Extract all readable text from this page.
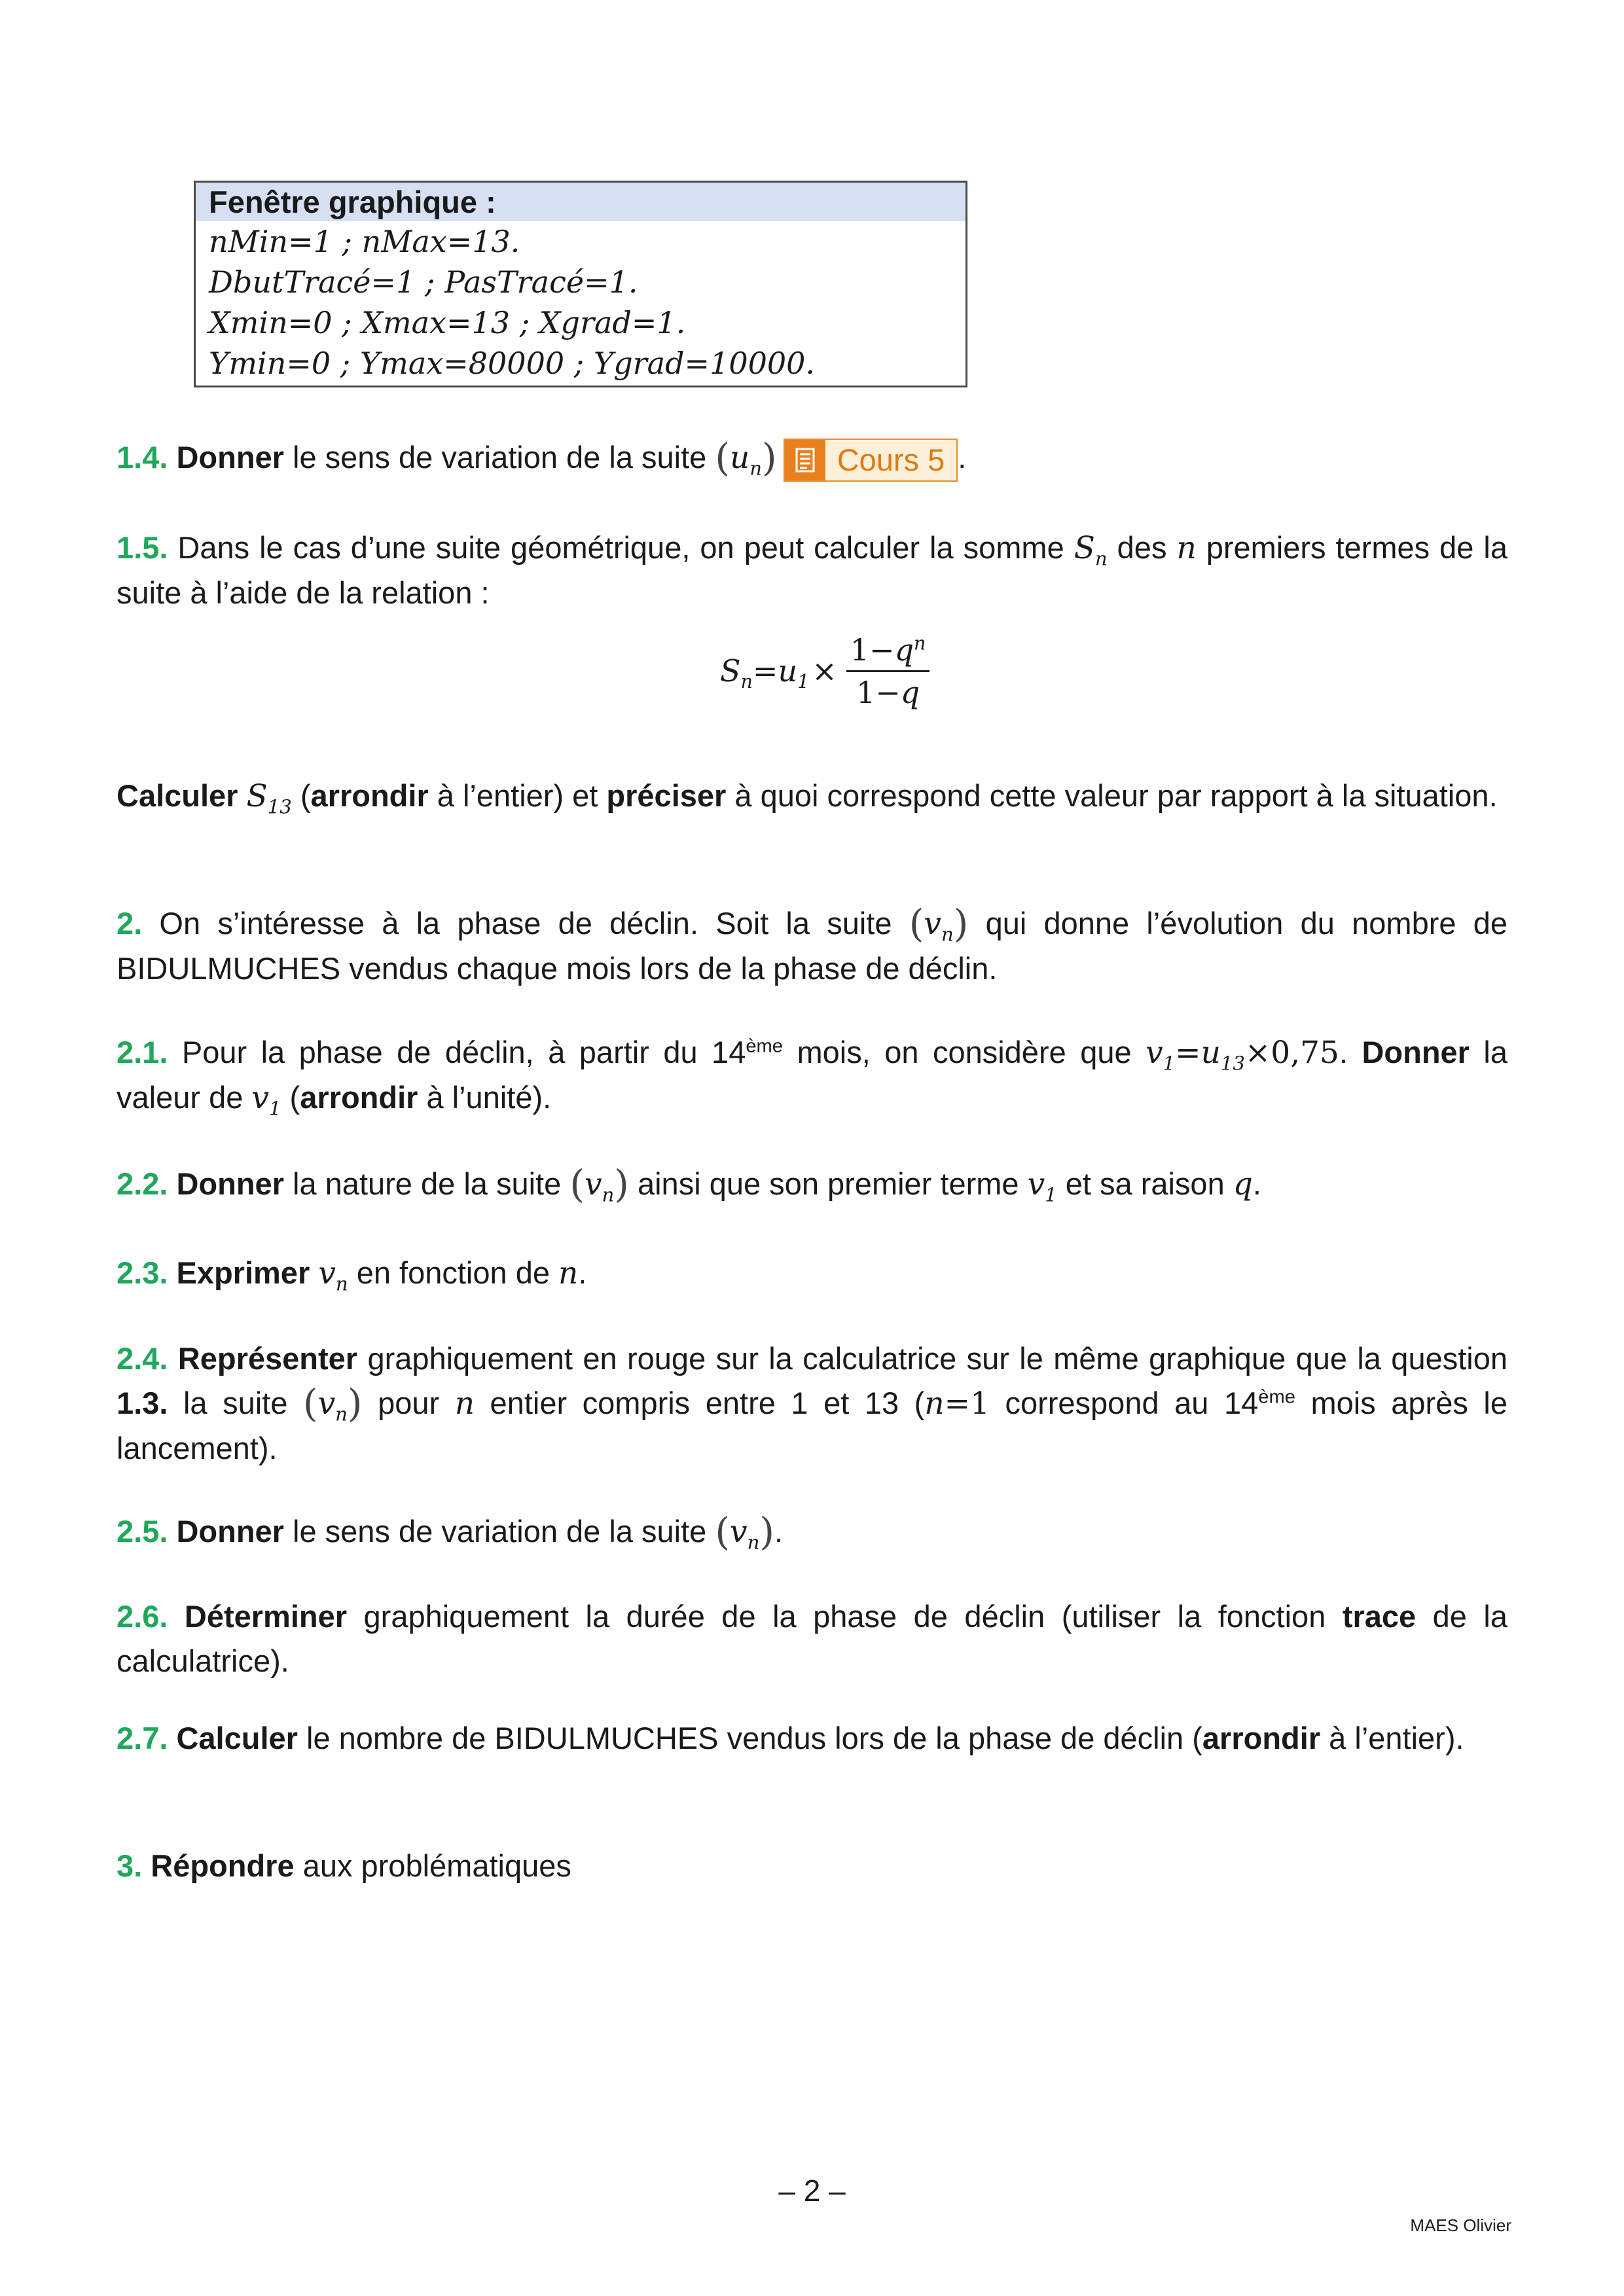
Fenêtre graphique :
nMin=1 ; nMax=13.
DbutTracé=1 ; PasTracé=1.
Xmin=0 ; Xmax=13 ; Xgrad=1.
Ymin=0 ; Ymax=80000 ; Ygrad=10000.
1.4. Donner le sens de variation de la suite $(u_n)$	Cours 5 .
1.5. Dans le cas d’une suite géométrique, on peut calculer la somme $S_n$ des n premiers termes de la suite à l’aide de la relation :
$S_n = u_1 \times \frac{1-q^n}{1-q}$
Calculer $S_{13}$ (arrondir à l’entier) et préciser à quoi correspond cette valeur par rapport à la situation.
2. On s’intéresse à la phase de déclin. Soit la suite $(v_n)$ qui donne l’évolution du nombre de BIDULMUCHES vendus chaque mois lors de la phase de déclin.
2.1. Pour la phase de déclin, à partir du 14ème mois, on considère que $v_1=u_{13}\times 0,75$. Donner la valeur de $v_1$ (arrondir à l’unité).
2.2. Donner la nature de la suite $(v_n)$ ainsi que son premier terme $v_1$ et sa raison q.
2.3. Exprimer $v_n$ en fonction de n.
2.4. Représenter graphiquement en rouge sur la calculatrice sur le même graphique que la question 1.3. la suite $(v_n)$ pour n entier compris entre 1 et 13 (n=1 correspond au 14ème mois après le lancement).
2.5. Donner le sens de variation de la suite $(v_n)$.
2.6. Déterminer graphiquement la durée de la phase de déclin (utiliser la fonction trace de la calculatrice).
2.7. Calculer le nombre de BIDULMUCHES vendus lors de la phase de déclin (arrondir à l’entier).
3. Répondre aux problématiques
– 2 –
MAES Olivier
